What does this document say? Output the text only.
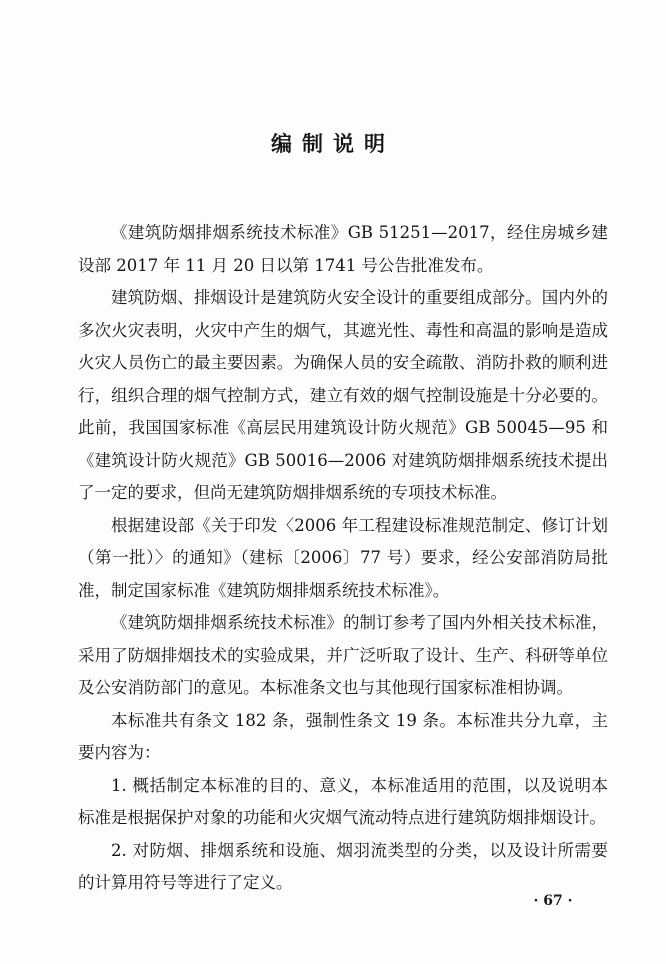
编制说明

《建筑防烟排烟系统技术标准》GB 51251—2017，经住房城乡建设部 2017 年 11 月 20 日以第 1741 号公告批准发布。

建筑防烟、排烟设计是建筑防火安全设计的重要组成部分。国内外的多次火灾表明，火灾中产生的烟气，其遮光性、毒性和高温的影响是造成火灾人员伤亡的最主要因素。为确保人员的安全疏散、消防扑救的顺利进行，组织合理的烟气控制方式，建立有效的烟气控制设施是十分必要的。此前，我国国家标准《高层民用建筑设计防火规范》GB 50045—95 和《建筑设计防火规范》GB 50016—2006 对建筑防烟排烟系统技术提出了一定的要求，但尚无建筑防烟排烟系统的专项技术标准。

根据建设部《关于印发〈2006 年工程建设标准规范制定、修订计划（第一批）〉的通知》（建标〔2006〕77 号）要求，经公安部消防局批准，制定国家标准《建筑防烟排烟系统技术标准》。

《建筑防烟排烟系统技术标准》的制订参考了国内外相关技术标准，采用了防烟排烟技术的实验成果，并广泛听取了设计、生产、科研等单位及公安消防部门的意见。本标准条文也与其他现行国家标准相协调。

本标准共有条文 182 条，强制性条文 19 条。本标准共分九章，主要内容为：

1. 概括制定本标准的目的、意义，本标准适用的范围，以及说明本标准是根据保护对象的功能和火灾烟气流动特点进行建筑防烟排烟设计。

2. 对防烟、排烟系统和设施、烟羽流类型的分类，以及设计所需要的计算用符号等进行了定义。

· 67 ·
